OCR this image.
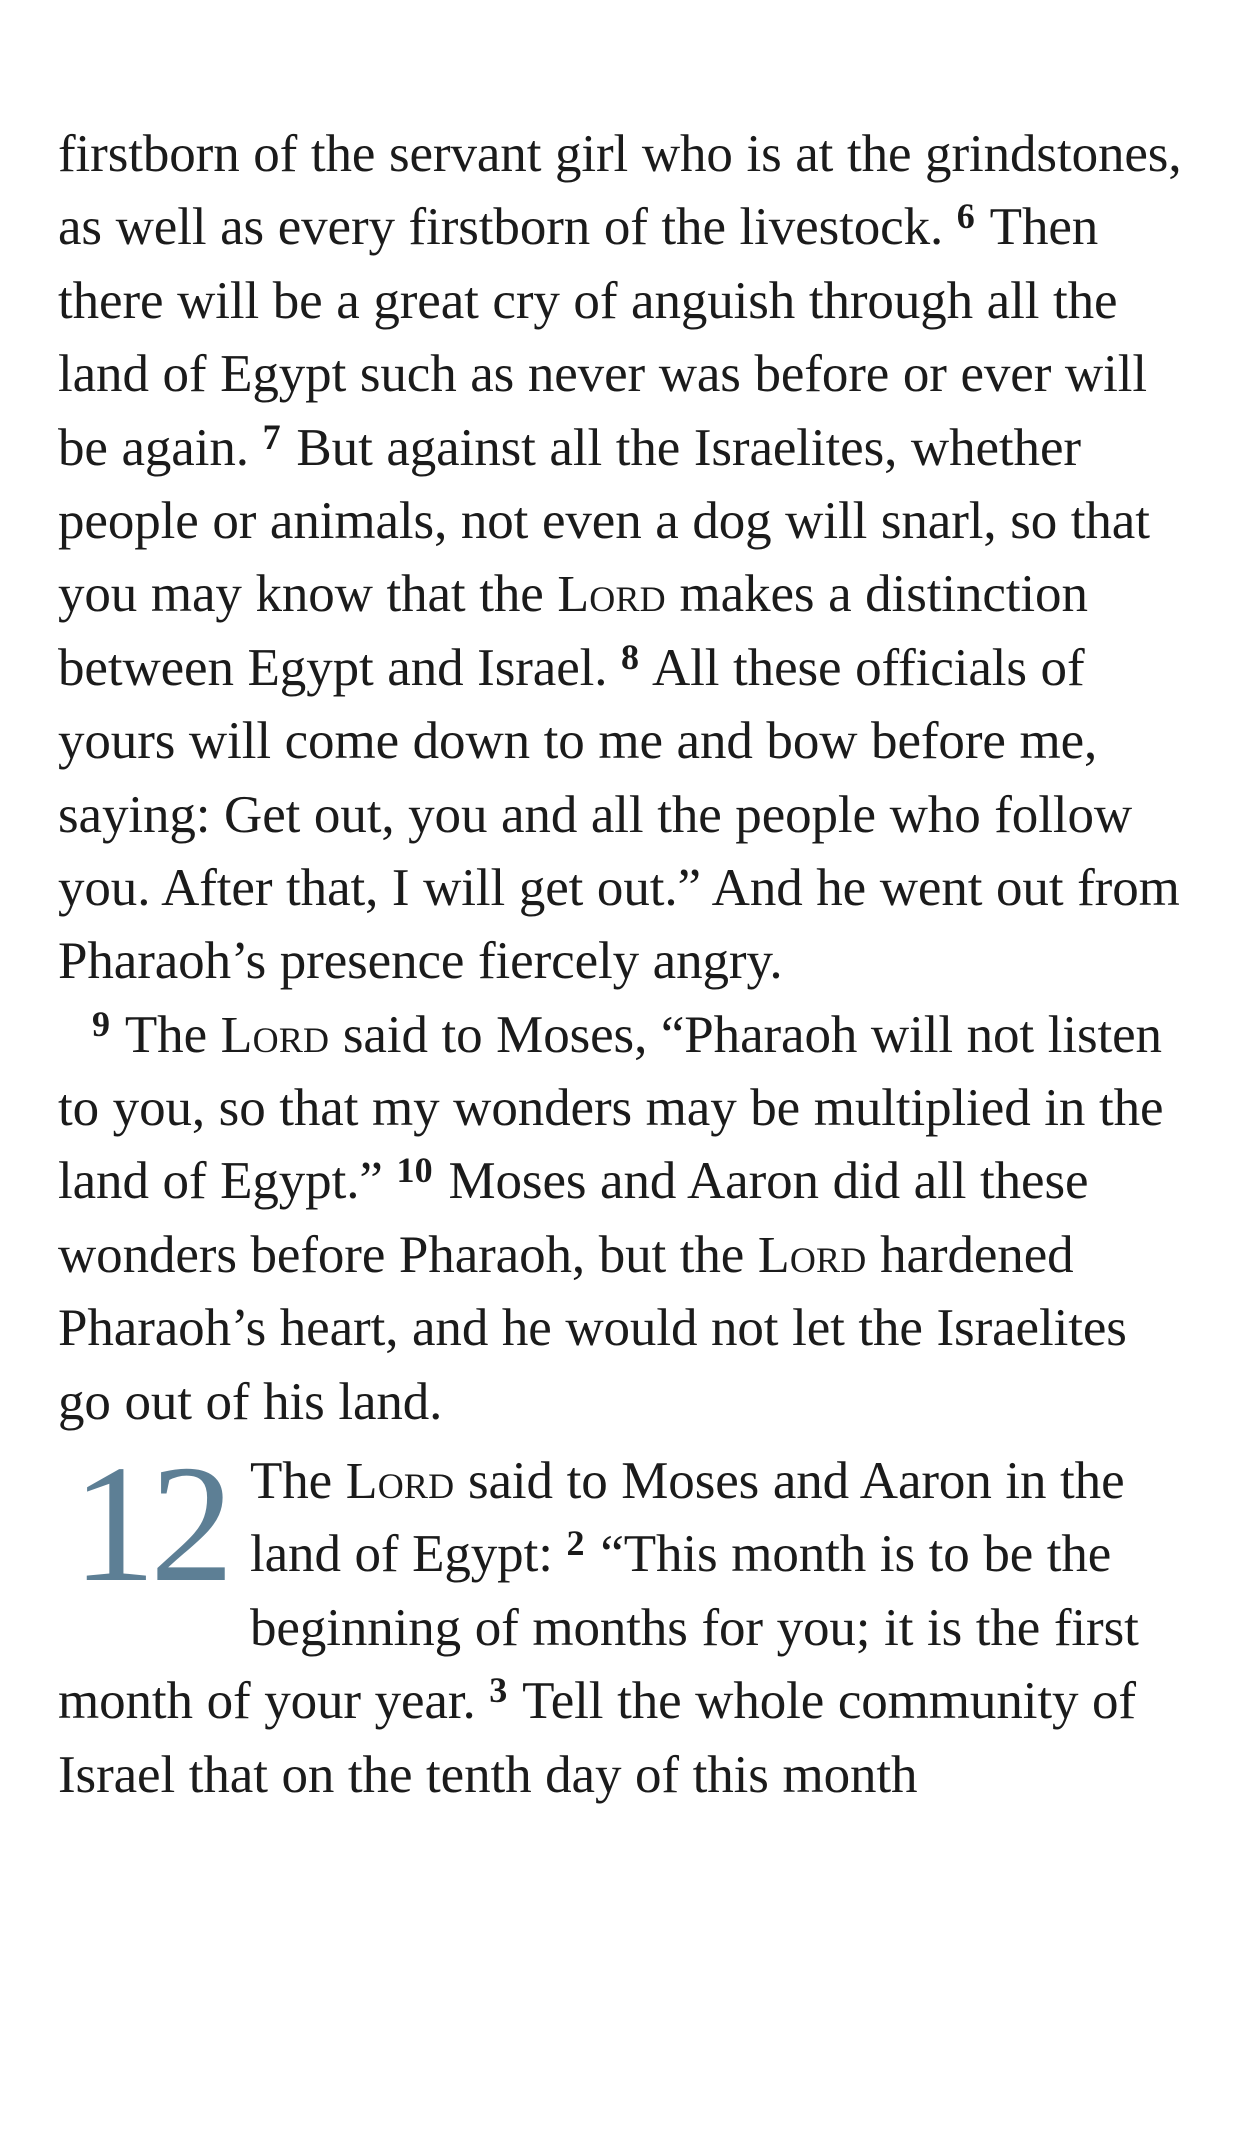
firstborn of the servant girl who is at the grindstones, as well as every firstborn of the livestock. $^6$ Then there will be a great cry of anguish through all the land of Egypt such as never was before or ever will be again. $^7$ But against all the Israelites, whether people or animals, not even a dog will snarl, so that you may know that the Lord makes a distinction between Egypt and Israel. $^8$ All these officials of yours will come down to me and bow before me, saying: Get out, you and all the people who follow you. After that, I will get out.” And he went out from Pharaoh’s presence fiercely angry.

$^9$ The Lord said to Moses, “Pharaoh will not listen to you, so that my wonders may be multiplied in the land of Egypt.” $^{10}$ Moses and Aaron did all these wonders before Pharaoh, but the Lord hardened Pharaoh’s heart, and he would not let the Israelites go out of his land.

12 The Lord said to Moses and Aaron in the land of Egypt: $^2$ “This month is to be the beginning of months for you; it is the first month of your year. $^3$ Tell the whole community of Israel that on the tenth day of this month
